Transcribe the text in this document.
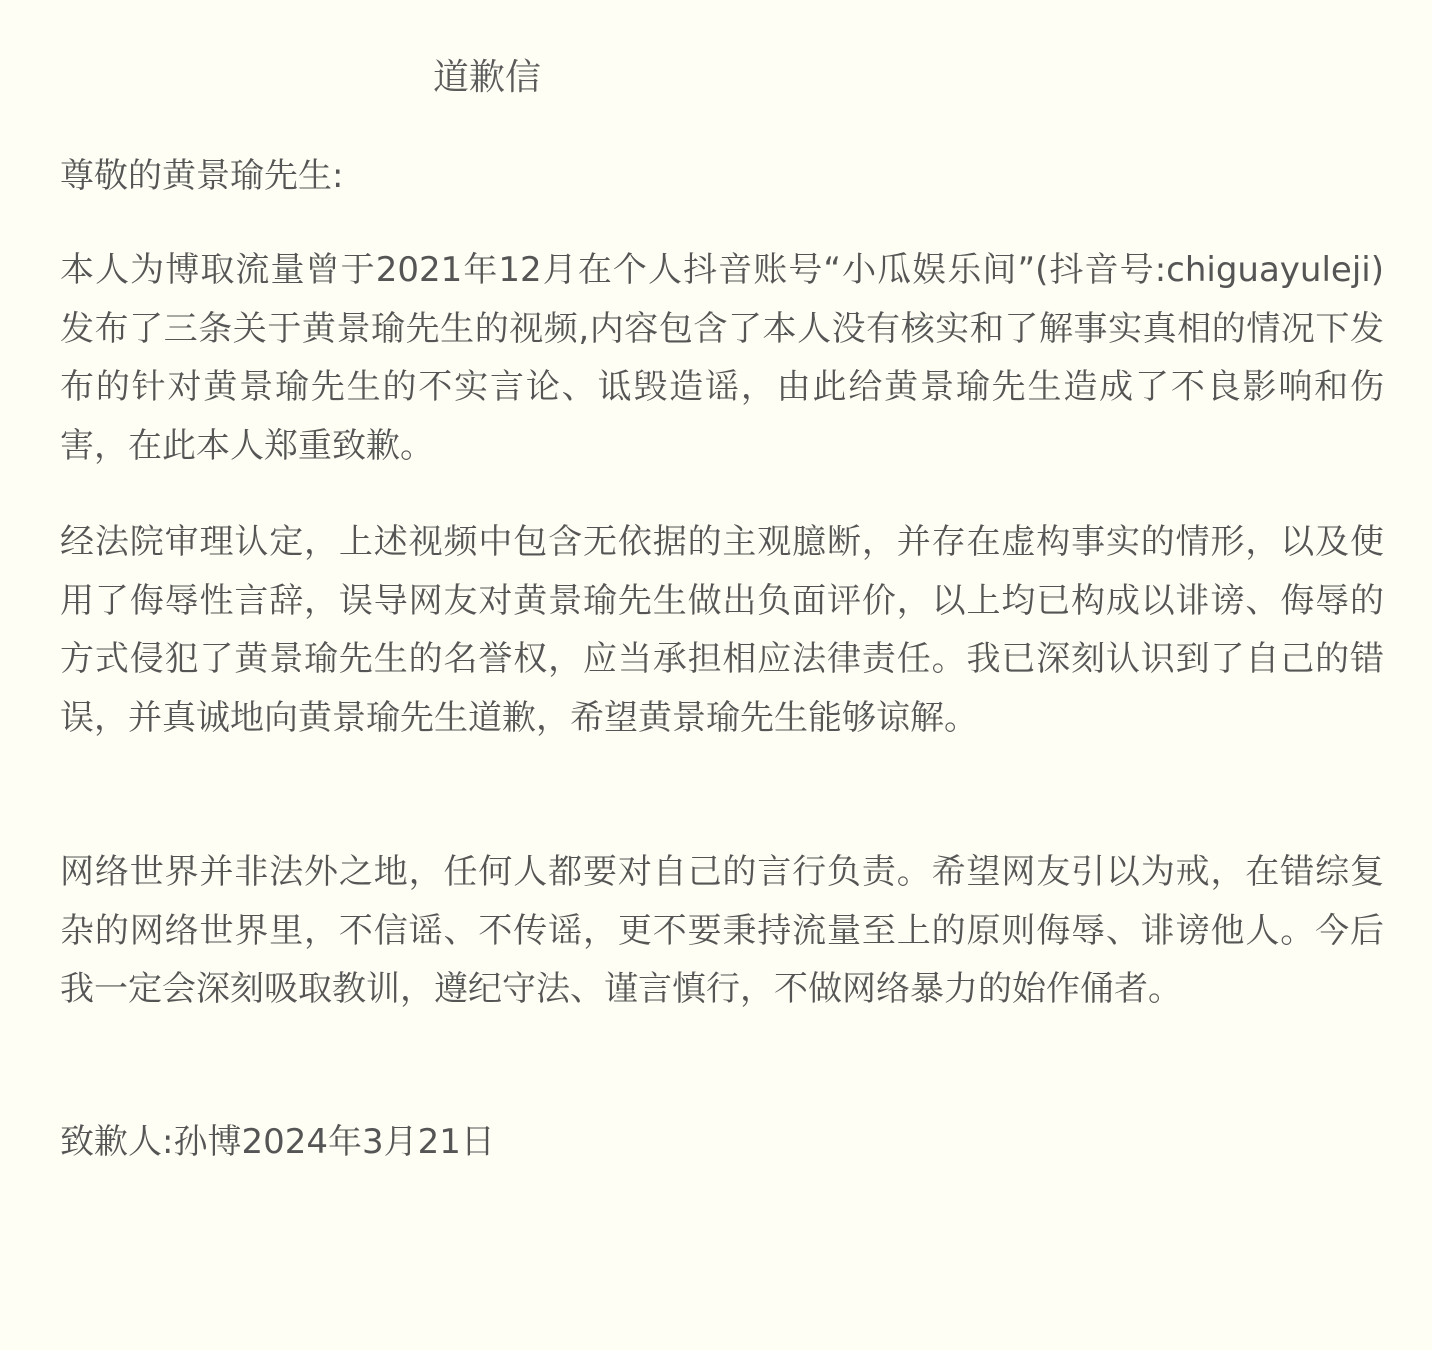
道歉信
尊敬的黄景瑜先生:

本人为博取流量曾于2021年12月在个人抖音账号“小瓜娱乐间”(抖音号:chiguayuleji)发布了三条关于黄景瑜先生的视频,内容包含了本人没有核实和了解事实真相的情况下发布的针对黄景瑜先生的不实言论、诋毁造谣，由此给黄景瑜先生造成了不良影响和伤害，在此本人郑重致歉。

经法院审理认定，上述视频中包含无依据的主观臆断，并存在虚构事实的情形，以及使用了侮辱性言辞，误导网友对黄景瑜先生做出负面评价，以上均已构成以诽谤、侮辱的方式侵犯了黄景瑜先生的名誉权，应当承担相应法律责任。我已深刻认识到了自己的错误，并真诚地向黄景瑜先生道歉，希望黄景瑜先生能够谅解。

网络世界并非法外之地，任何人都要对自己的言行负责。希望网友引以为戒，在错综复杂的网络世界里，不信谣、不传谣，更不要秉持流量至上的原则侮辱、诽谤他人。今后我一定会深刻吸取教训，遵纪守法、谨言慎行，不做网络暴力的始作俑者。

致歉人:孙博2024年3月21日
